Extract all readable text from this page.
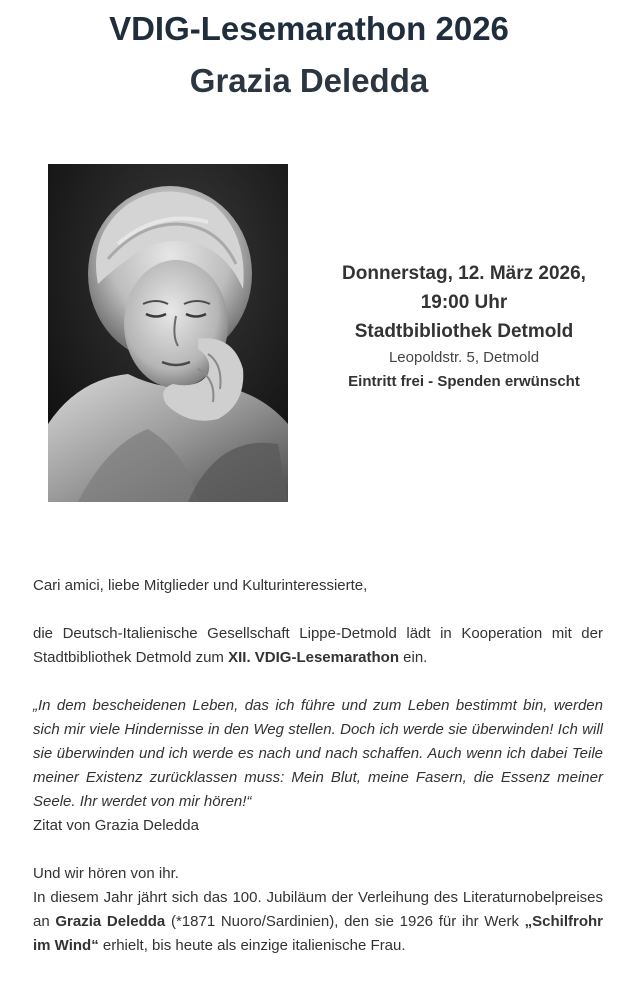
VDIG-Lesemarathon 2026
Grazia Deledda
Donnerstag, 12. März 2026,
19:00 Uhr
Stadtbibliothek Detmold
Leopoldstr. 5, Detmold
Eintritt frei - Spenden erwünscht
Cari amici, liebe Mitglieder und Kulturinteressierte,
die Deutsch-Italienische Gesellschaft Lippe-Detmold lädt in Kooperation mit der Stadtbibliothek Detmold zum XII. VDIG-Lesemarathon ein.
„In dem bescheidenen Leben, das ich führe und zum Leben bestimmt bin, werden sich mir viele Hindernisse in den Weg stellen. Doch ich werde sie überwinden! Ich will sie überwinden und ich werde es nach und nach schaffen. Auch wenn ich dabei Teile meiner Existenz zurücklassen muss: Mein Blut, meine Fasern, die Essenz meiner Seele. Ihr werdet von mir hören!“
Zitat von Grazia Deledda
Und wir hören von ihr.
In diesem Jahr jährt sich das 100. Jubiläum der Verleihung des Literaturnobelpreises an Grazia Deledda (*1871 Nuoro/Sardinien), den sie 1926 für ihr Werk „Schilfrohr im Wind“ erhielt, bis heute als einzige italienische Frau.
